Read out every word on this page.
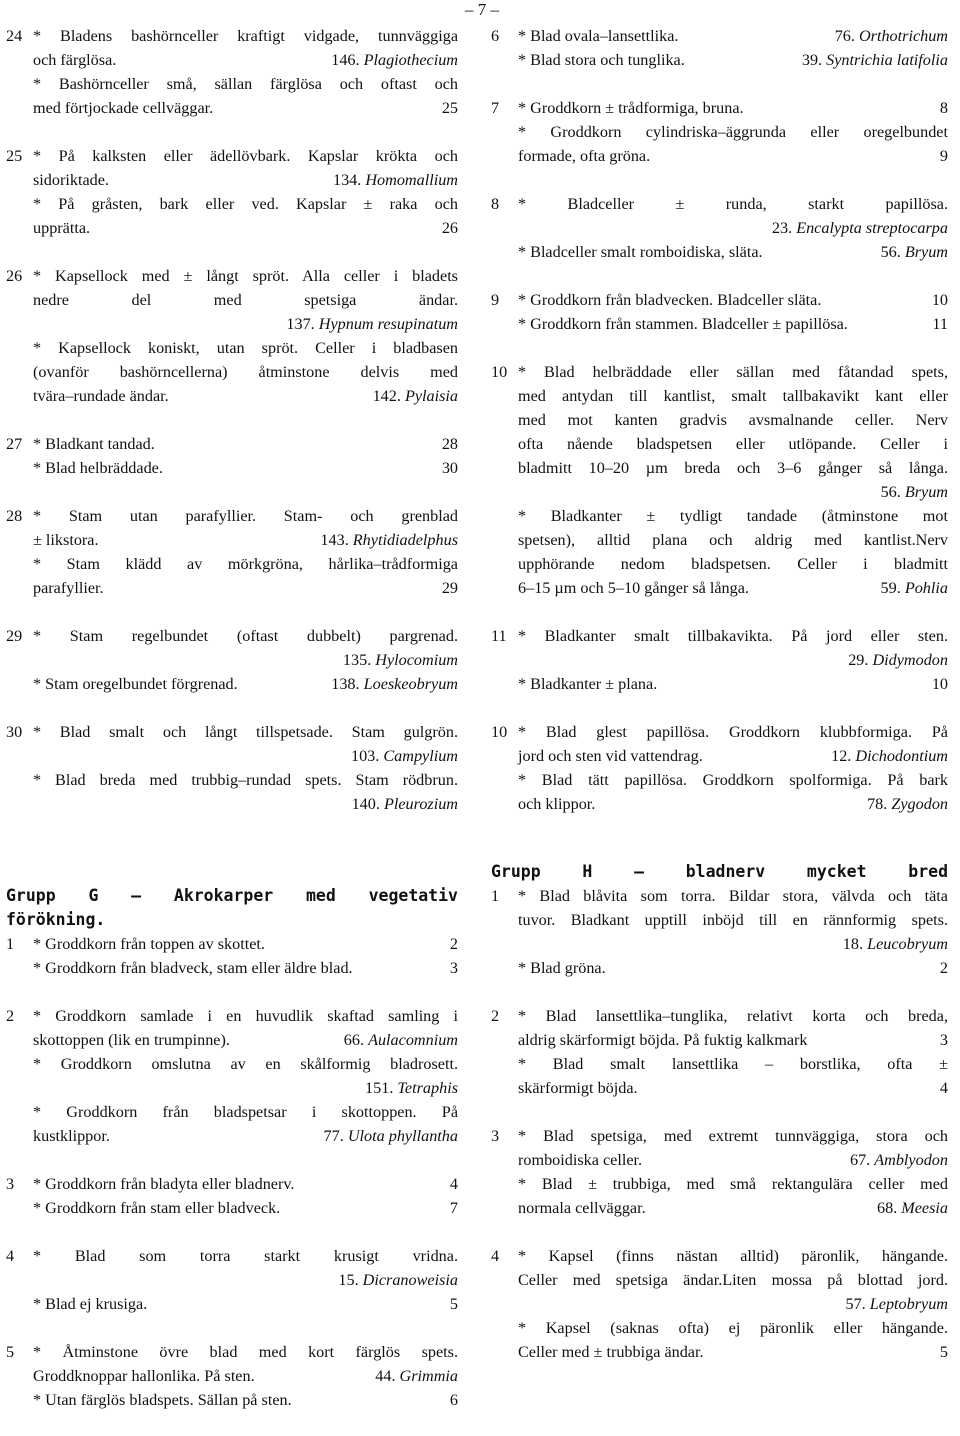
– 7 –
24 * Bladens bashörnceller kraftigt vidgade, tunnväggiga
och färglösa.	146. Plagiothecium
* Bashörnceller små, sällan färglösa och oftast och
med förtjockade cellväggar.	25
25 * På kalksten eller ädellövbark. Kapslar krökta och
sidoriktade.	134. Homomallium
* På gråsten, bark eller ved. Kapslar ± raka och
upprätta.	26
26 * Kapsellock med ± långt spröt. Alla celler i bladets
nedre del med spetsiga ändar.
137. Hypnum resupinatum
* Kapsellock koniskt, utan spröt. Celler i bladbasen
(ovanför bashörncellerna) åtminstone delvis med
tvära–rundade ändar.	142. Pylaisia
27 * Bladkant tandad.	28
* Blad helbräddade.	30
28 * Stam utan parafyllier. Stam- och grenblad
± likstora.	143. Rhytidiadelphus
* Stam klädd av mörkgröna, hårlika–trådformiga
parafyllier.	29
29 * Stam regelbundet (oftast dubbelt) pargrenad.
135. Hylocomium
* Stam oregelbundet förgrenad.	138. Loeskeobryum
30 * Blad smalt och långt tillspetsade. Stam gulgrön.
103. Campylium
* Blad breda med trubbig–rundad spets. Stam rödbrun.
140. Pleurozium
6	* Blad ovala–lansettlika.	76. Orthotrichum
* Blad stora och tunglika.	39. Syntrichia latifolia
7	* Groddkorn ± trådformiga, bruna.	8
* Groddkorn cylindriska–äggrunda eller oregelbundet
formade, ofta gröna.	9
8	* Bladceller ± runda, starkt papillösa.
23. Encalypta streptocarpa
* Bladceller smalt romboidiska, släta.	56. Bryum
9	* Groddkorn från bladvecken. Bladceller släta.	10
* Groddkorn från stammen. Bladceller ± papillösa.	11
10 * Blad helbräddade eller sällan med fåtandad spets,
med antydan till kantlist, smalt tallbakavikt kant eller
med mot kanten gradvis avsmalnande celler. Nerv
ofta nående bladspetsen eller utlöpande. Celler i
bladmitt 10–20 µm breda och 3–6 gånger så långa.
56. Bryum
* Bladkanter ± tydligt tandade (åtminstone mot
spetsen), alltid plana och aldrig med kantlist.Nerv
upphörande nedom bladspetsen. Celler i bladmitt
6–15 µm och 5–10 gånger så långa.	59. Pohlia
11 * Bladkanter smalt tillbakavikta. På jord eller sten.
29. Didymodon
* Bladkanter ± plana.	10
10 * Blad glest papillösa. Groddkorn klubbformiga. På
jord och sten vid vattendrag.	12. Dichodontium
* Blad tätt papillösa. Groddkorn spolformiga. På bark
och klippor.	78. Zygodon
Grupp G – Akrokarper med vegetativ
förökning.
1	* Groddkorn från toppen av skottet.	2
* Groddkorn från bladveck, stam eller äldre blad.	3
2	* Groddkorn samlade i en huvudlik skaftad samling i
skottoppen (lik en trumpinne).	66. Aulacomnium
* Groddkorn omslutna av en skålformig bladrosett.
151. Tetraphis
* Groddkorn från bladspetsar i skottoppen. På
kustklippor.	77. Ulota phyllantha
3	* Groddkorn från bladyta eller bladnerv.	4
* Groddkorn från stam eller bladveck.	7
4	* Blad som torra starkt krusigt vridna.
15. Dicranoweisia
* Blad ej krusiga.	5
5	* Åtminstone övre blad med kort färglös spets.
Groddknoppar hallonlika. På sten.	44. Grimmia
* Utan färglös bladspets. Sällan på sten.	6
Grupp H – bladnerv mycket bred
1	* Blad blåvita som torra. Bildar stora, välvda och täta
tuvor. Bladkant upptill inböjd till en rännformig spets.
18. Leucobryum
* Blad gröna.	2
2	* Blad lansettlika–tunglika, relativt korta och breda,
aldrig skärformigt böjda. På fuktig kalkmark	3
* Blad smalt lansettlika – borstlika, ofta ±
skärformigt böjda.	4
3	* Blad spetsiga, med extremt tunnväggiga, stora och
romboidiska celler.	67. Amblyodon
* Blad ± trubbiga, med små rektangulära celler med
normala cellväggar.	68. Meesia
4	* Kapsel (finns nästan alltid) päronlik, hängande.
Celler med spetsiga ändar.Liten mossa på blottad jord.
57. Leptobryum
* Kapsel (saknas ofta) ej päronlik eller hängande.
Celler med ± trubbiga ändar.	5
